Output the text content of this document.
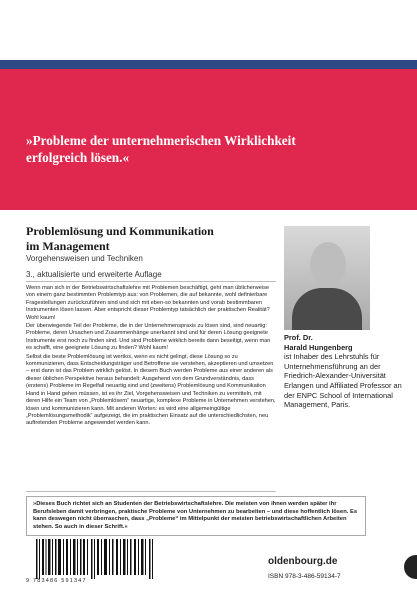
»Probleme der unternehmerischen Wirklichkeit
erfolgreich lösen.«
Problemlösung und Kommunikation
im Management
Vorgehensweisen und Techniken
3., aktualisierte und erweiterte Auflage

Wenn man sich in der Betriebswirtschaftslehre mit Problemen beschäftigt, geht man üblicherweise von einem ganz bestimmten Problemtyp aus: von Problemen, die auf bekannte, wohl definierbare Fragestellungen zurückzuführen sind und sich mit eben-so bekannten und vorab bestimmbaren Instrumenten lösen lassen. Aber entspricht dieser Problemtyp tatsächlich der praktischen Realität? Wohl kaum!

Der überwiegende Teil der Probleme, die in der Unternehmenspraxis zu lösen sind, sind neuartig: Probleme, deren Ursachen und Zusammenhänge unerkannt sind und für deren Lösung geeignete Instrumente erst noch zu finden sind. Und sind Probleme wirklich bereits dann beseitigt, wenn man es schafft, eine geeignete Lösung zu finden? Wohl kaum!

Selbst die beste Problemlösung ist wertlos, wenn es nicht gelingt, diese Lösung so zu kommunizieren, dass Entscheidungsträger und Betroffene sie verstehen, akzeptieren und umsetzen – erst dann ist das Problem wirklich gelöst. In diesem Buch werden Probleme aus einer anderen als dieser üblichen Perspektive heraus behandelt: Ausgehend von dem Grundverständnis, dass (erstens) Probleme im Regelfall neuartig sind und (zweitens) Problemlösung und Kommunikation Hand in Hand gehen müssen, ist es ihr Ziel, Vorgehensweisen und Techniken zu vermitteln, mit deren Hilfe ein Team von „Problemlösern“ neuartige, komplexe Probleme in Unternehmen verstehen, lösen und kommunizieren kann. Mit anderen Worten: es wird eine allgemeingültige „Problemlösungsmethodik“ aufgezeigt, die im praktischen Einsatz auf die unterschiedlichsten, neu auftretenden Probleme angewendet werden kann.

Prof. Dr.
Harald Hungenberg
ist Inhaber des Lehrstuhls für Unternehmensführung an der Friedrich-Alexander-Universität Erlangen und Affiliated Professor an der ENPC School of International Management, Paris.
»Dieses Buch richtet sich an Studenten der Betriebswirtschaftslehre. Die meisten von ihnen werden später ihr Berufsleben damit verbringen, praktische Probleme von Unternehmen zu bearbeiten – und diese hoffentlich lösen. Es kann deswegen nicht überraschen, dass „Probleme“ im Mittelpunkt der meisten betriebswirtschaftlichen Arbeiten stehen. So auch in dieser Schrift.«
9 783486 591347
oldenbourg.de
ISBN 978-3-486-59134-7
